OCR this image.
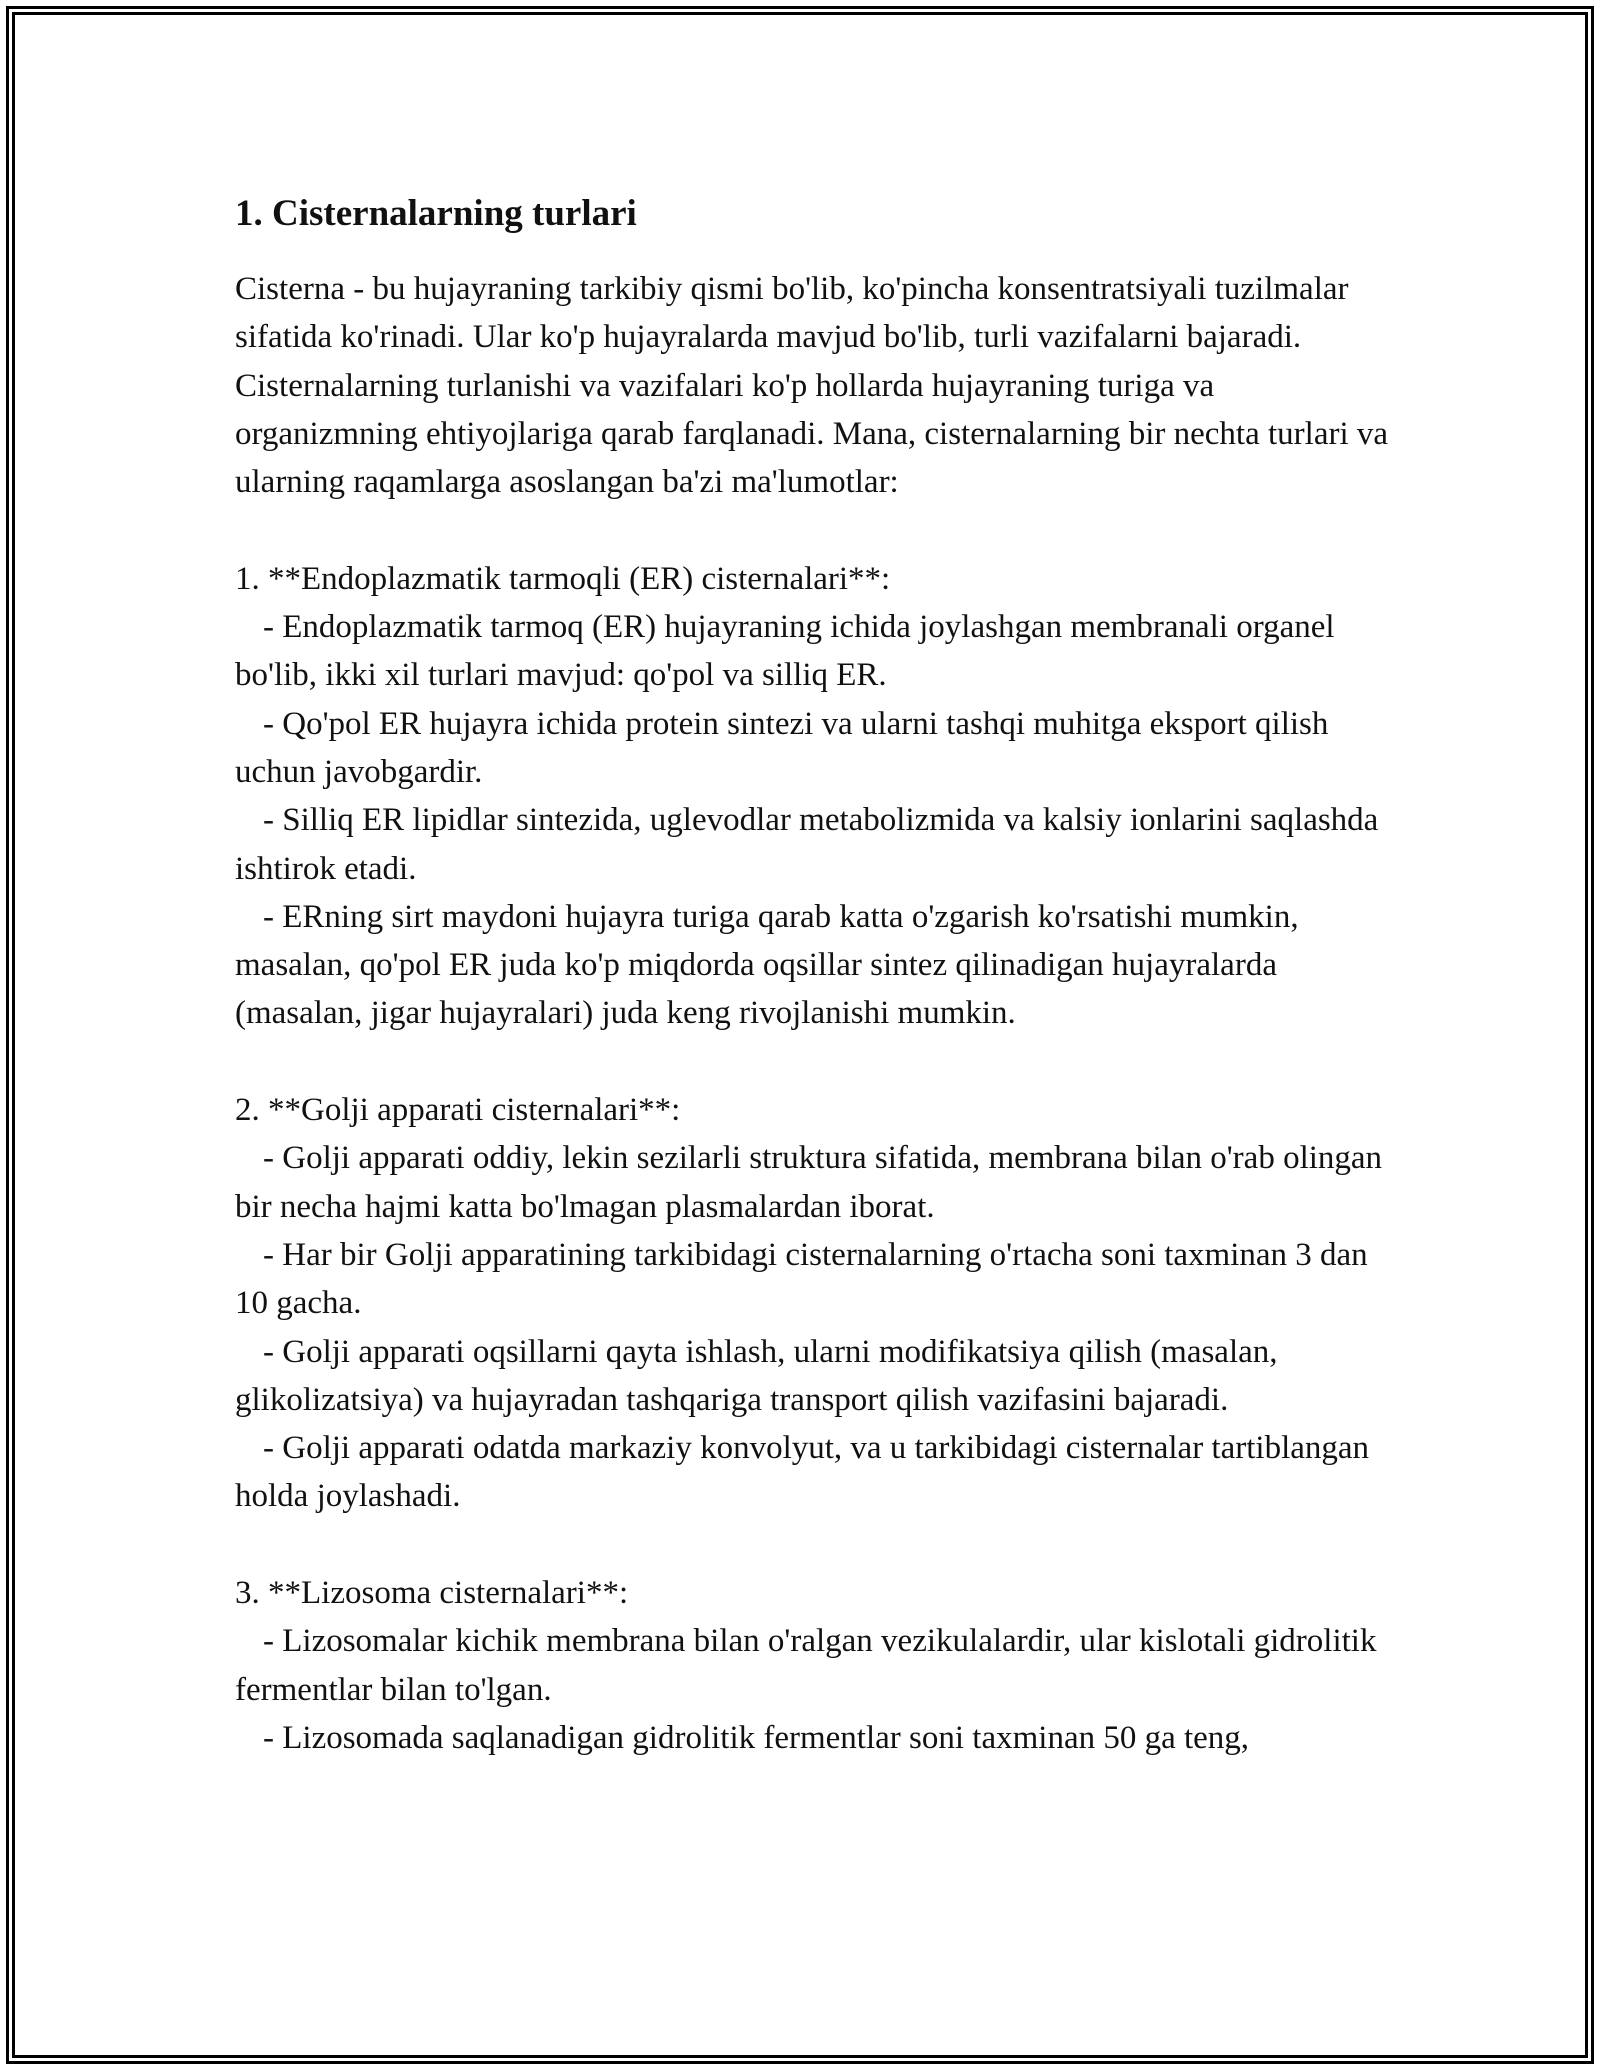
1. Cisternalarning turlari

Cisterna - bu hujayraning tarkibiy qismi bo'lib, ko'pincha konsentratsiyali tuzilmalar sifatida ko'rinadi. Ular ko'p hujayralarda mavjud bo'lib, turli vazifalarni bajaradi. Cisternalarning turlanishi va vazifalari ko'p hollarda hujayraning turiga va organizmning ehtiyojlariga qarab farqlanadi. Mana, cisternalarning bir nechta turlari va ularning raqamlarga asoslangan ba'zi ma'lumotlar:

1. **Endoplazmatik tarmoqli (ER) cisternalari**:

- Endoplazmatik tarmoq (ER) hujayraning ichida joylashgan membranali organel bo'lib, ikki xil turlari mavjud: qo'pol va silliq ER.

- Qo'pol ER hujayra ichida protein sintezi va ularni tashqi muhitga eksport qilish uchun javobgardir.

- Silliq ER lipidlar sintezida, uglevodlar metabolizmida va kalsiy ionlarini saqlashda ishtirok etadi.

- ERning sirt maydoni hujayra turiga qarab katta o'zgarish ko'rsatishi mumkin, masalan, qo'pol ER juda ko'p miqdorda oqsillar sintez qilinadigan hujayralarda (masalan, jigar hujayralari) juda keng rivojlanishi mumkin.

2. **Golji apparati cisternalari**:

- Golji apparati oddiy, lekin sezilarli struktura sifatida, membrana bilan o'rab olingan bir necha hajmi katta bo'lmagan plasmalardan iborat.

- Har bir Golji apparatining tarkibidagi cisternalarning o'rtacha soni taxminan 3 dan 10 gacha.

- Golji apparati oqsillarni qayta ishlash, ularni modifikatsiya qilish (masalan, glikolizatsiya) va hujayradan tashqariga transport qilish vazifasini bajaradi.

- Golji apparati odatda markaziy konvolyut, va u tarkibidagi cisternalar tartiblangan holda joylashadi.

3. **Lizosoma cisternalari**:

- Lizosomalar kichik membrana bilan o'ralgan vezikulalardir, ular kislotali gidrolitik fermentlar bilan to'lgan.

- Lizosomada saqlanadigan gidrolitik fermentlar soni taxminan 50 ga teng,
